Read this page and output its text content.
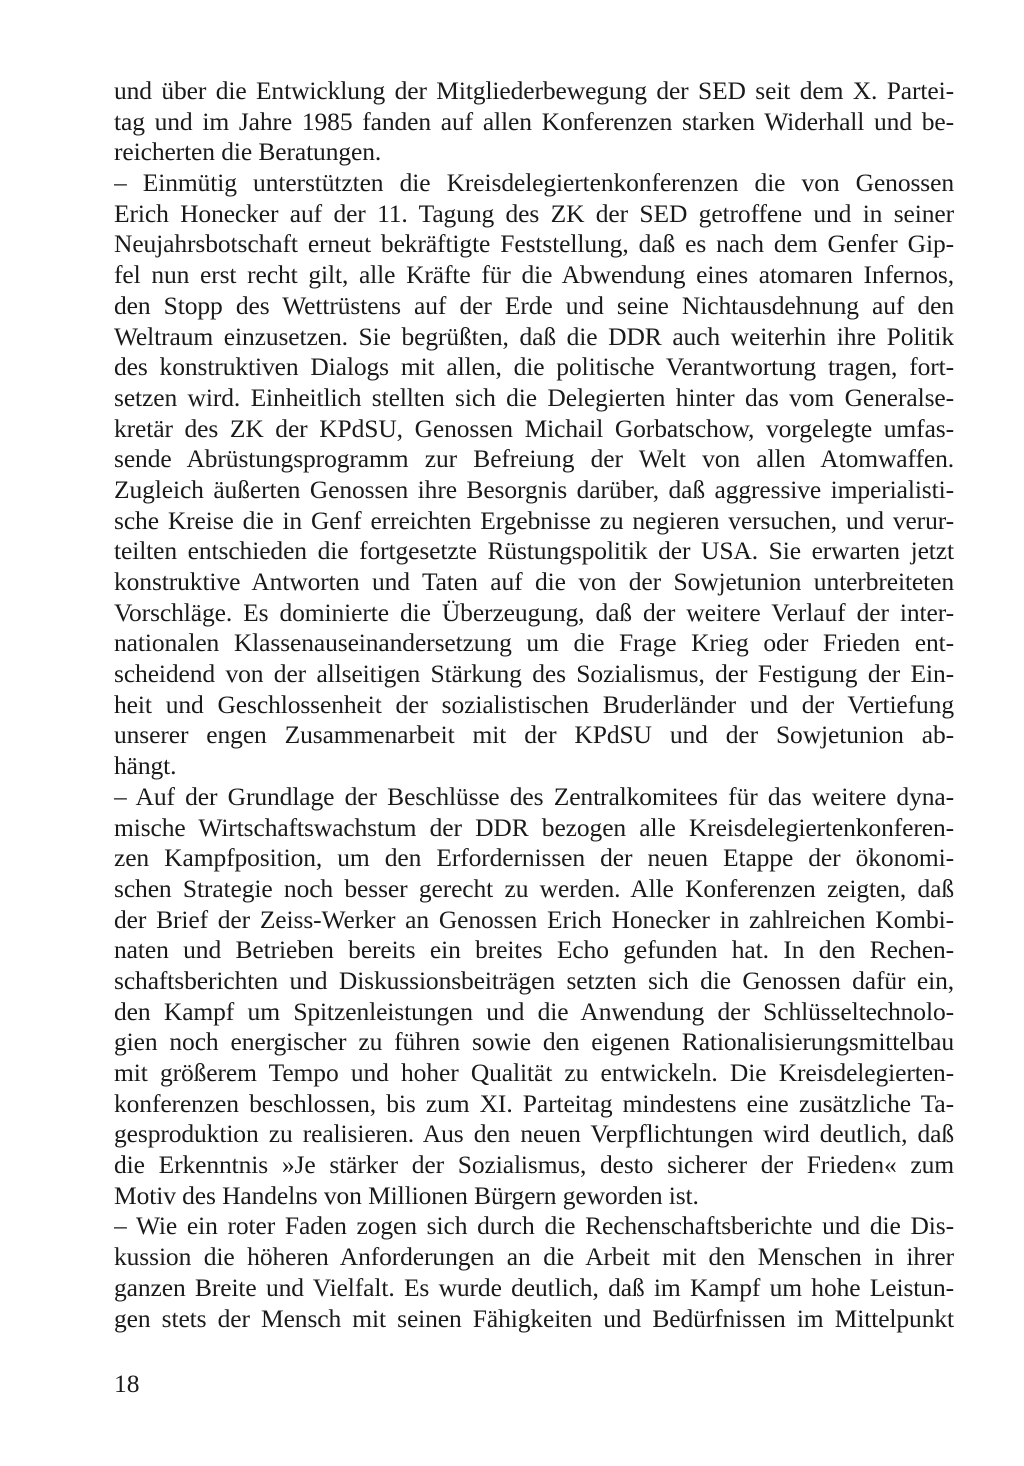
und über die Entwicklung der Mitgliederbewegung der SED seit dem X. Partei-
tag und im Jahre 1985 fanden auf allen Konferenzen starken Widerhall und be-
reicherten die Beratungen.
– Einmütig unterstützten die Kreisdelegiertenkonferenzen die von Genossen
Erich Honecker auf der 11. Tagung des ZK der SED getroffene und in seiner
Neujahrsbotschaft erneut bekräftigte Feststellung, daß es nach dem Genfer Gip-
fel nun erst recht gilt, alle Kräfte für die Abwendung eines atomaren Infernos,
den Stopp des Wettrüstens auf der Erde und seine Nichtausdehnung auf den
Weltraum einzusetzen. Sie begrüßten, daß die DDR auch weiterhin ihre Politik
des konstruktiven Dialogs mit allen, die politische Verantwortung tragen, fort-
setzen wird. Einheitlich stellten sich die Delegierten hinter das vom Generalse-
kretär des ZK der KPdSU, Genossen Michail Gorbatschow, vorgelegte umfas-
sende Abrüstungsprogramm zur Befreiung der Welt von allen Atomwaffen.
Zugleich äußerten Genossen ihre Besorgnis darüber, daß aggressive imperialisti-
sche Kreise die in Genf erreichten Ergebnisse zu negieren versuchen, und verur-
teilten entschieden die fortgesetzte Rüstungspolitik der USA. Sie erwarten jetzt
konstruktive Antworten und Taten auf die von der Sowjetunion unterbreiteten
Vorschläge. Es dominierte die Überzeugung, daß der weitere Verlauf der inter-
nationalen Klassenauseinandersetzung um die Frage Krieg oder Frieden ent-
scheidend von der allseitigen Stärkung des Sozialismus, der Festigung der Ein-
heit und Geschlossenheit der sozialistischen Bruderländer und der Vertiefung
unserer engen Zusammenarbeit mit der KPdSU und der Sowjetunion ab-
hängt.
– Auf der Grundlage der Beschlüsse des Zentralkomitees für das weitere dyna-
mische Wirtschaftswachstum der DDR bezogen alle Kreisdelegiertenkonferen-
zen Kampfposition, um den Erfordernissen der neuen Etappe der ökonomi-
schen Strategie noch besser gerecht zu werden. Alle Konferenzen zeigten, daß
der Brief der Zeiss-Werker an Genossen Erich Honecker in zahlreichen Kombi-
naten und Betrieben bereits ein breites Echo gefunden hat. In den Rechen-
schaftsberichten und Diskussionsbeiträgen setzten sich die Genossen dafür ein,
den Kampf um Spitzenleistungen und die Anwendung der Schlüsseltechnolo-
gien noch energischer zu führen sowie den eigenen Rationalisierungsmittelbau
mit größerem Tempo und hoher Qualität zu entwickeln. Die Kreisdelegierten-
konferenzen beschlossen, bis zum XI. Parteitag mindestens eine zusätzliche Ta-
gesproduktion zu realisieren. Aus den neuen Verpflichtungen wird deutlich, daß
die Erkenntnis »Je stärker der Sozialismus, desto sicherer der Frieden« zum
Motiv des Handelns von Millionen Bürgern geworden ist.
– Wie ein roter Faden zogen sich durch die Rechenschaftsberichte und die Dis-
kussion die höheren Anforderungen an die Arbeit mit den Menschen in ihrer
ganzen Breite und Vielfalt. Es wurde deutlich, daß im Kampf um hohe Leistun-
gen stets der Mensch mit seinen Fähigkeiten und Bedürfnissen im Mittelpunkt
18
